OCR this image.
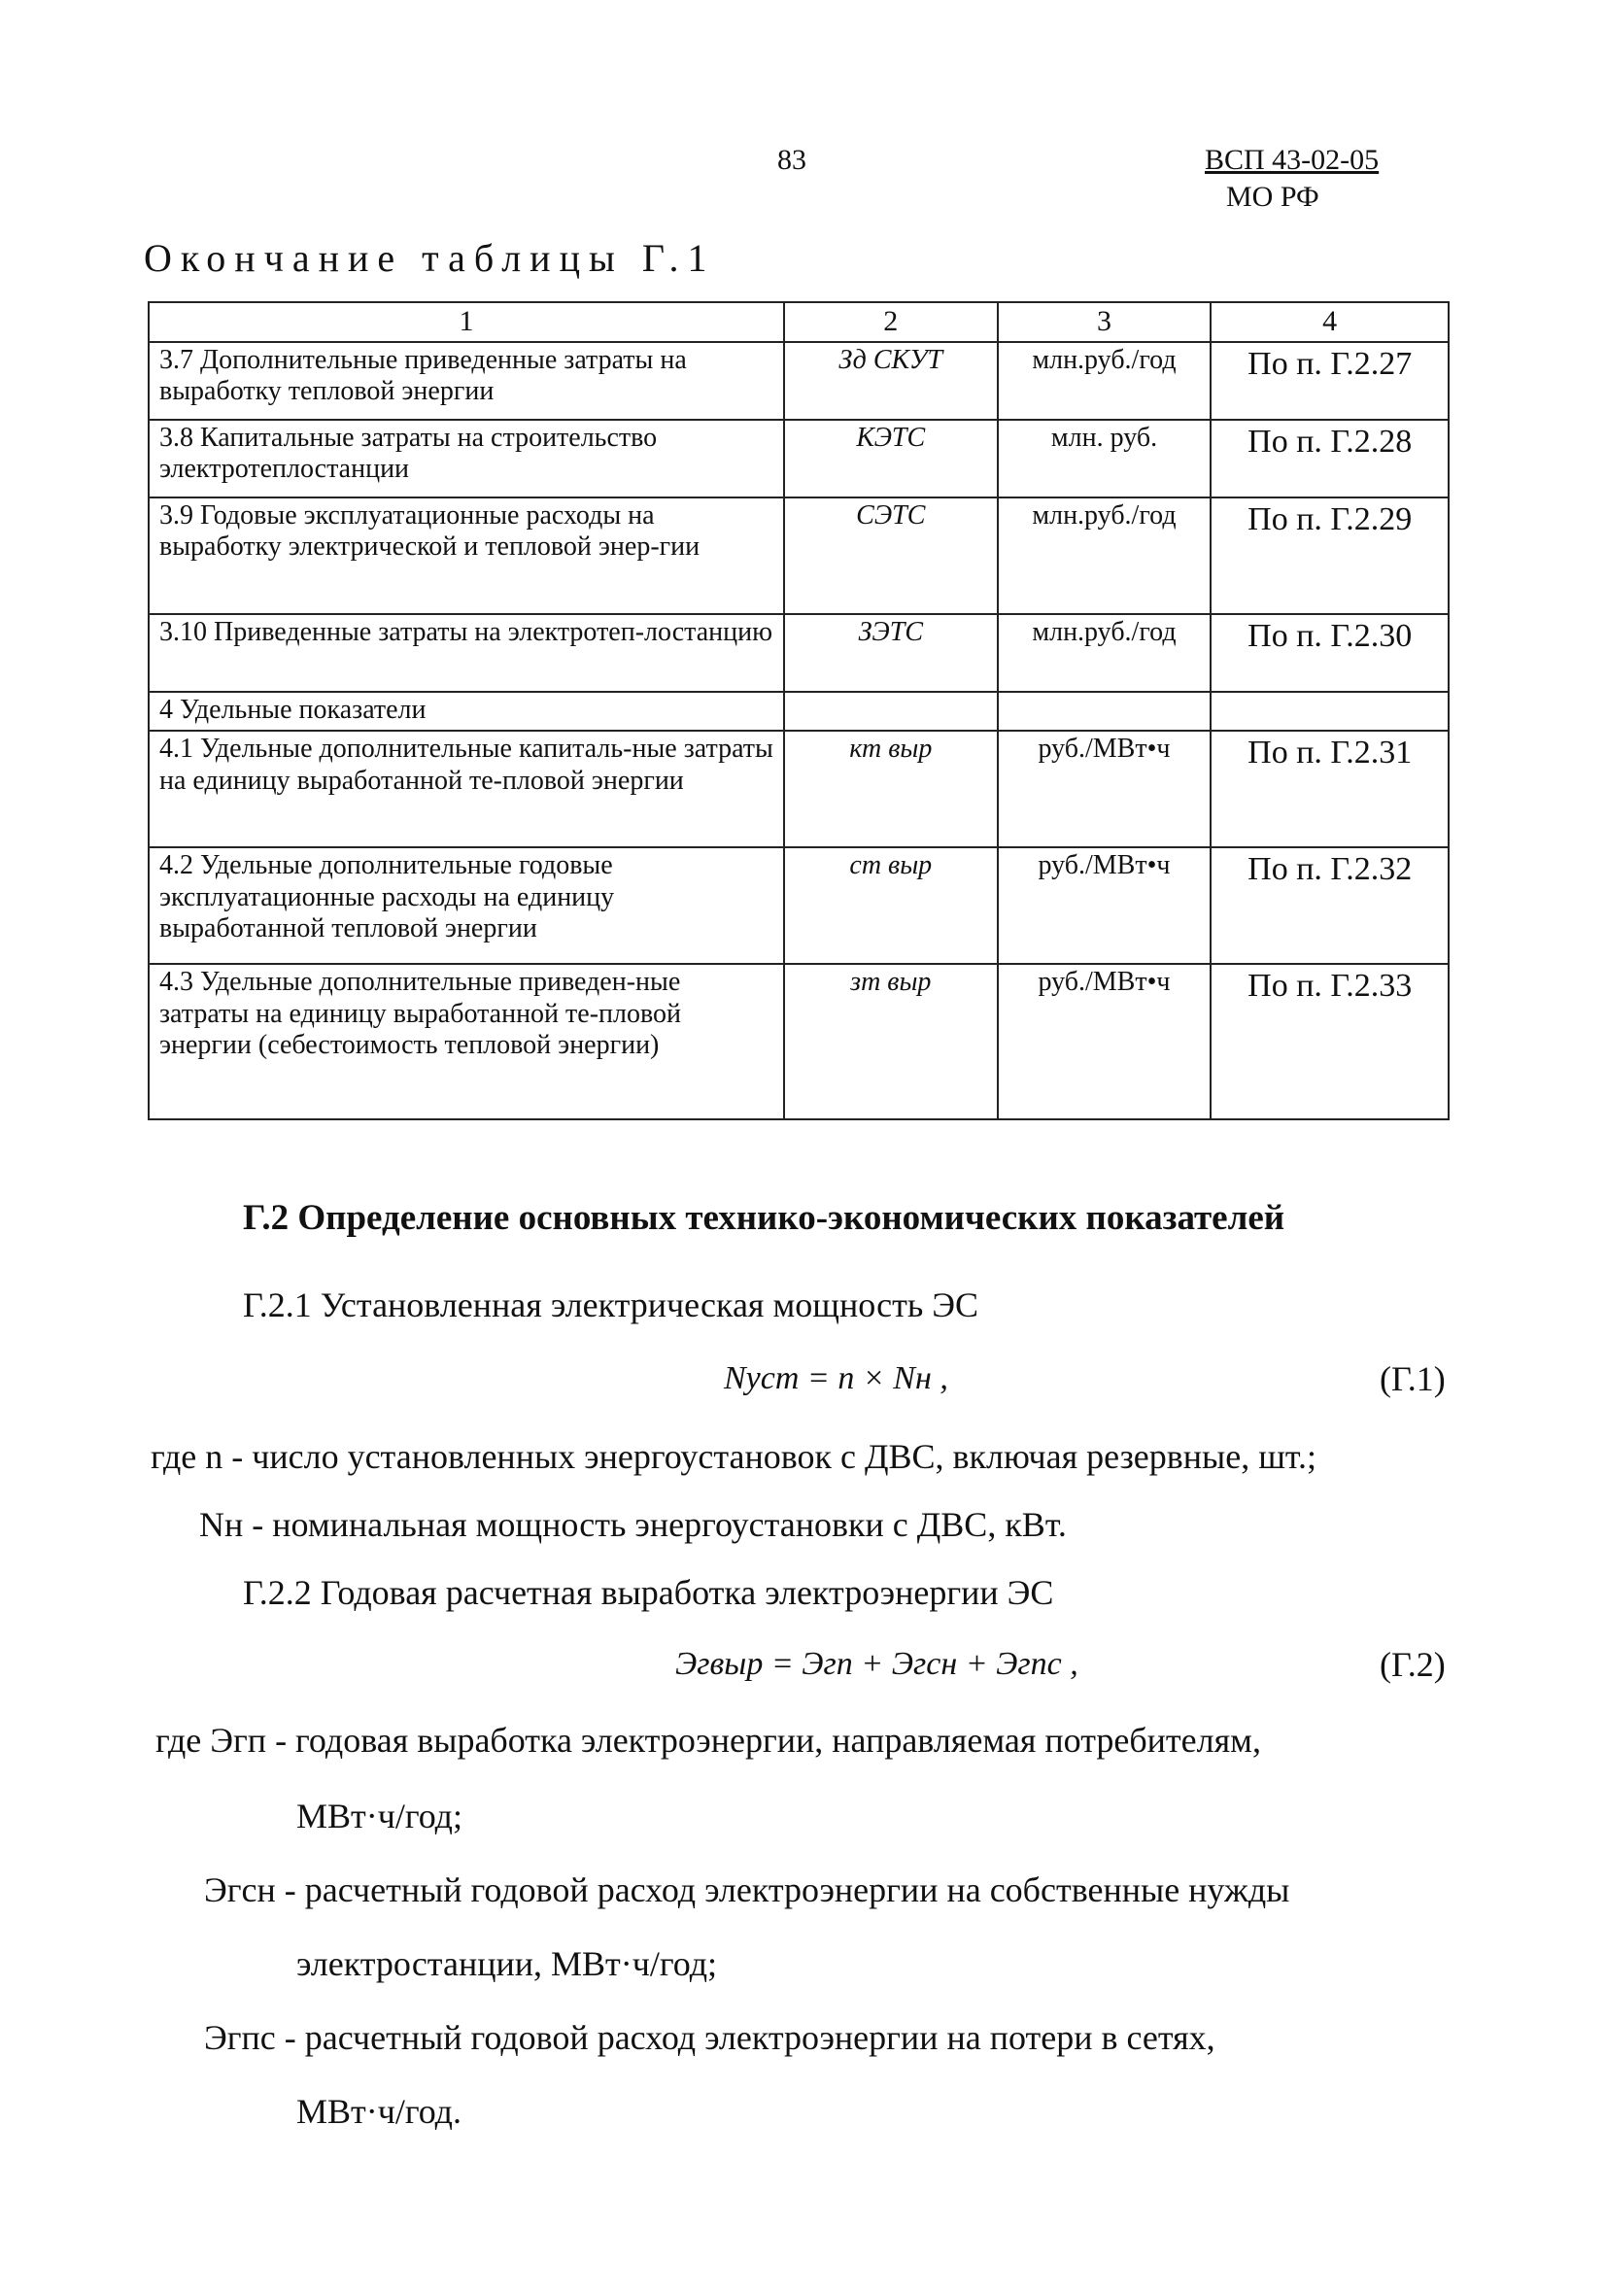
83	ВСП 43-02-05
МО РФ
Окончание таблицы Г.1
1	2	3	4
3.7 Дополнительные приведенные затраты на выработку тепловой энергии	Зд СКУТ	млн.руб./год	По п. Г.2.27
3.8 Капитальные затраты на строительство электротеплостанции	КЭТС	млн. руб.	По п. Г.2.28
3.9 Годовые эксплуатационные расходы на выработку электрической и тепловой энер-гии	СЭТС	млн.руб./год	По п. Г.2.29
3.10 Приведенные затраты на электротеп-лостанцию	ЗЭТС	млн.руб./год	По п. Г.2.30
4 Удельные показатели			
4.1 Удельные дополнительные капиталь-ные затраты на единицу выработанной те-пловой энергии	кт выр	руб./МВт•ч	По п. Г.2.31
4.2 Удельные дополнительные годовые эксплуатационные расходы на единицу выработанной тепловой энергии	ст выр	руб./МВт•ч	По п. Г.2.32
4.3 Удельные дополнительные приведен-ные затраты на единицу выработанной те-пловой энергии (себестоимость тепловой энергии)	зт выр	руб./МВт•ч	По п. Г.2.33
Г.2 Определение основных технико-экономических показателей
Г.2.1 Установленная электрическая мощность ЭС
Nуст = n × Nн ,	(Г.1)
где n - число установленных энергоустановок с ДВС, включая резервные, шт.;
Nн - номинальная мощность энергоустановки с ДВС, кВт.
Г.2.2 Годовая расчетная выработка электроэнергии ЭС
Эгвыр = Эгп + Эгсн + Эгпс ,	(Г.2)
где Эгп - годовая выработка электроэнергии, направляемая потребителям,
МВт·ч/год;
Эгсн - расчетный годовой расход электроэнергии на собственные нужды
электростанции, МВт·ч/год;
Эгпс - расчетный годовой расход электроэнергии на потери в сетях,
МВт·ч/год.
